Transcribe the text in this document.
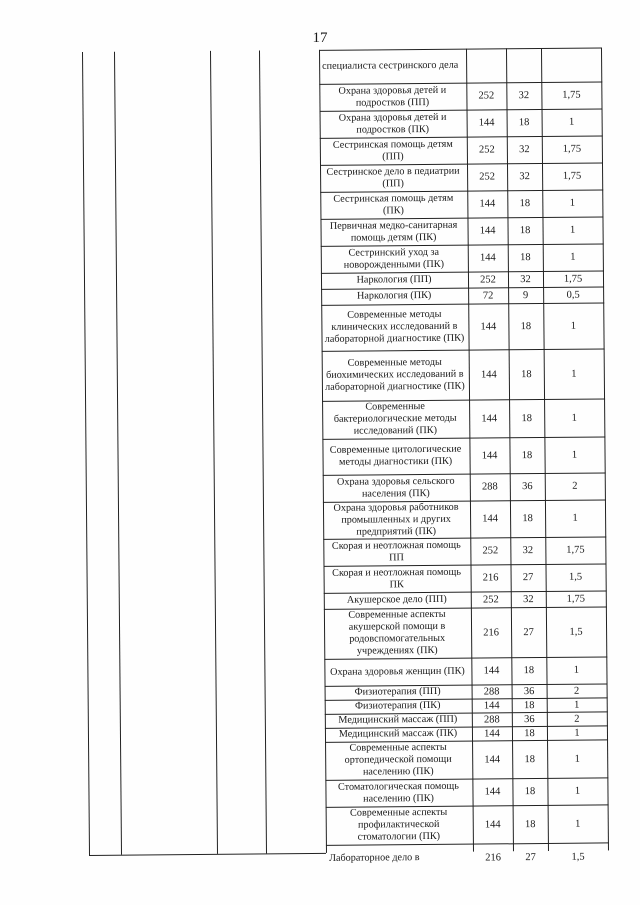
17
специалиста сестринского дела
Охрана здоровья детей и подростков (ПП)
252	32	1,75
Охрана здоровья детей и подростков (ПК)
144	18	1
Сестринская помощь детям (ПП)
252	32	1,75
Сестринское дело в педиатрии (ПП)
252	32	1,75
Сестринская помощь детям (ПК)
144	18	1
Первичная медко-санитарная помощь детям (ПК)
144	18	1
Сестринский уход за новорожденными (ПК)
144	18	1
Наркология (ПП)	252	32	1,75
Наркология (ПК)	72	9	0,5
Современные методы клинических исследований в лабораторной диагностике (ПК)
144	18	1
Современные методы биохимических исследований в лабораторной диагностике (ПК)
144	18	1
Современные бактериологические методы исследований (ПК)
144	18	1
Современные цитологические методы диагностики (ПК)
144	18	1
Охрана здоровья сельского населения (ПК)
288	36	2
Охрана здоровья работников промышленных и других предприятий (ПК)
144	18	1
Скорая и неотложная помощь ПП
252	32	1,75
Скорая и неотложная помощь ПК
216	27	1,5
Акушерское дело (ПП)	252	32	1,75
Современные аспекты акушерской помощи в родовспомогательных учреждениях (ПК)
216	27	1,5
Охрана здоровья женщин (ПК)	144	18	1
Физиотерапия (ПП)	288	36	2
Физиотерапия (ПК)	144	18	1
Медицинский массаж (ПП)	288	36	2
Медицинский массаж (ПК)	144	18	1
Современные аспекты ортопедической помощи населению (ПК)
144	18	1
Стоматологическая помощь населению (ПК)
144	18	1
Современные аспекты профилактической стоматологии (ПК)
144	18	1
Лабораторное дело в	216	27	1,5
